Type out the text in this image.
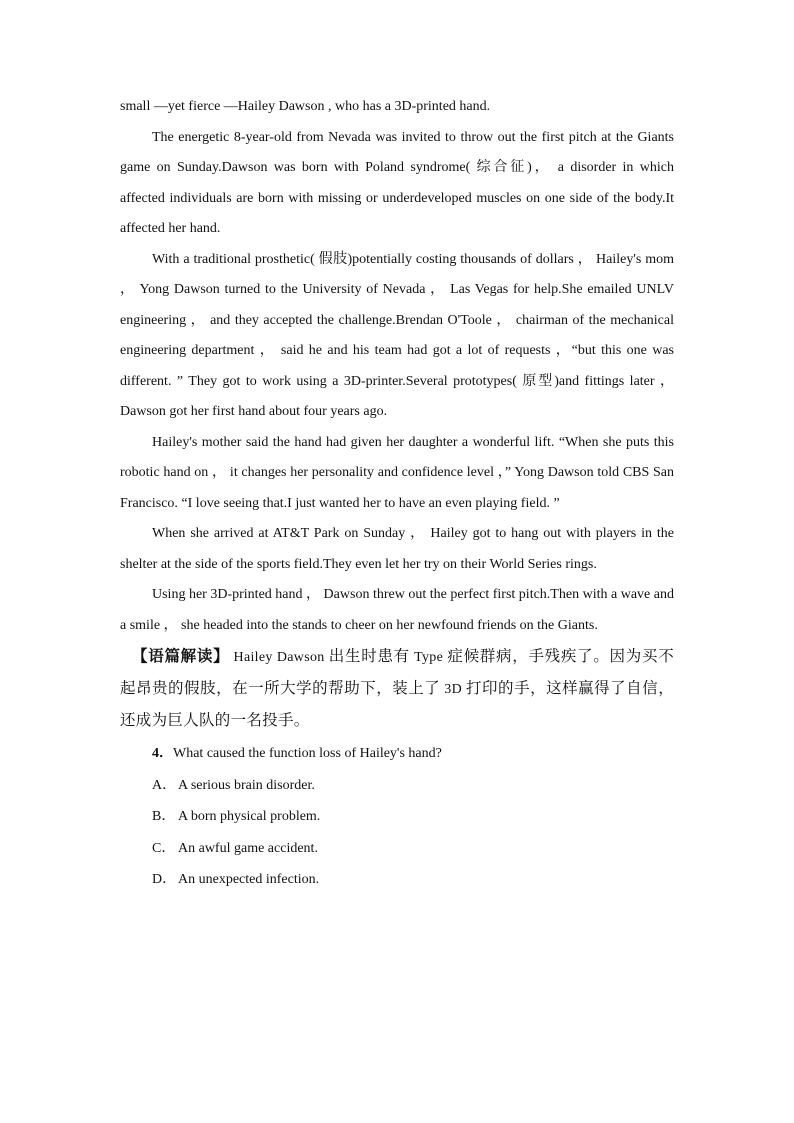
small —yet fierce —Hailey Dawson , who has a 3D-printed hand.

The energetic 8-year-old from Nevada was invited to throw out the first pitch at the Giants game on Sunday.Dawson was born with Poland syndrome( 综合征)， a disorder in which affected individuals are born with missing or underdeveloped muscles on one side of the body.It affected her hand.

With a traditional prosthetic( 假肢)potentially costing thousands of dollars ， Hailey's mom ， Yong Dawson turned to the University of Nevada ， Las Vegas for help.She emailed UNLV engineering ， and they accepted the challenge.Brendan O'Toole ， chairman of the mechanical engineering department ， said he and his team had got a lot of requests ，“but this one was different. ” They got to work using a 3D-printer.Several prototypes( 原型)and fittings later ， Dawson got her first hand about four years ago.

Hailey's mother said the hand had given her daughter a wonderful lift. “When she puts this robotic hand on ， it changes her personality and confidence level ，” Yong Dawson told CBS San Francisco. “I love seeing that.I just wanted her to have an even playing field. ”

When she arrived at AT&T Park on Sunday ， Hailey got to hang out with players in the shelter at the side of the sports field.They even let her try on their World Series rings.

Using her 3D-printed hand ， Dawson threw out the perfect first pitch.Then with a wave and a smile ， she headed into the stands to cheer on her newfound friends on the Giants.

【语篇解读】 Hailey Dawson 出生时患有 Type 症候群病，手残疾了。因为买不起昂贵的假肢，在一所大学的帮助下，装上了 3D 打印的手，这样赢得了自信，还成为巨人队的一名投手。

4．What caused the function loss of Hailey's hand?

A． A serious brain disorder.

B． A born physical problem.

C． An awful game accident.

D． An unexpected infection.
